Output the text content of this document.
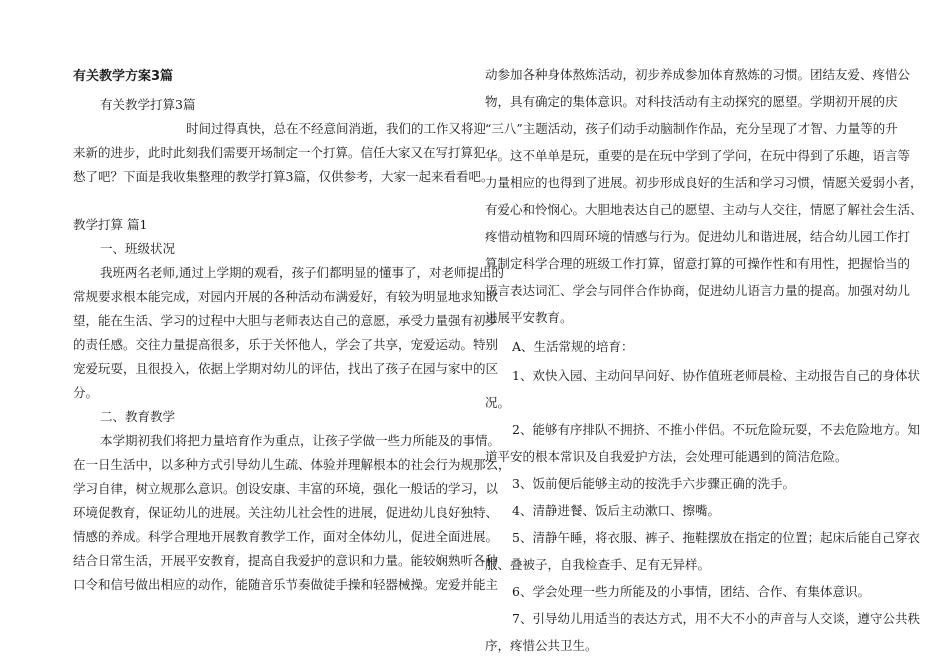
有关教学方案3篇
有关教学打算3篇
时间过得真快，总在不经意间消逝，我们的工作又将迎
来新的进步，此时此刻我们需要开场制定一个打算。信任大家又在写打算犯
愁了吧？下面是我收集整理的教学打算3篇，仅供参考，大家一起来看看吧。
教学打算 篇1
一、班级状况
我班两名老师,通过上学期的观看，孩子们都明显的懂事了，对老师提出的
常规要求根本能完成，对园内开展的各种活动布满爱好，有较为明显地求知欲
望，能在生活、学习的过程中大胆与老师表达自己的意愿，承受力量强有初步
的责任感。交往力量提高很多，乐于关怀他人，学会了共享，宠爱运动。特别
宠爱玩耍，且很投入，依据上学期对幼儿的评估，找出了孩子在园与家中的区
分。
二、教育教学
本学期初我们将把力量培育作为重点，让孩子学做一些力所能及的事情。
在一日生活中，以多种方式引导幼儿生疏、体验并理解根本的社会行为规那么，
学习自律，树立规那么意识。创设安康、丰富的环境，强化一般话的学习，以
环境促教育，保证幼儿的进展。关注幼儿社会性的进展，促进幼儿良好独特、
情感的养成。科学合理地开展教育教学工作，面对全体幼儿，促进全面进展。
结合日常生活，开展平安教育，提高自我爱护的意识和力量。能较娴熟听各种
口令和信号做出相应的动作，能随音乐节奏做徒手操和轻器械操。宠爱并能主
动参加各种身体熬炼活动，初步养成参加体育熬炼的习惯。团结友爱、疼惜公
物，具有确定的集体意识。对科技活动有主动探究的愿望。学期初开展的庆
“三八”主题活动，孩子们动手动脑制作作品，充分呈现了才智、力量等的升
华。这不单单是玩，重要的是在玩中学到了学问，在玩中得到了乐趣，语言等
力量相应的也得到了进展。初步形成良好的生活和学习习惯，情愿关爱弱小者，
有爱心和怜悯心。大胆地表达自己的愿望、主动与人交往，情愿了解社会生活、
疼惜动植物和四周环境的情感与行为。促进幼儿和谐进展，结合幼儿园工作打
算制定科学合理的班级工作打算，留意打算的可操作性和有用性，把握恰当的
语言表达词汇、学会与同伴合作协商，促进幼儿语言力量的提高。加强对幼儿
进展平安教育。
A、生活常规的培育：
1、欢快入园、主动问早问好、协作值班老师晨检、主动报告自己的身体状
况。
2、能够有序排队不拥挤、不推小伴侣。不玩危险玩耍，不去危险地方。知
道平安的根本常识及自我爱护方法，会处理可能遇到的简洁危险。
3、饭前便后能够主动的按洗手六步骤正确的洗手。
4、清静进餐、饭后主动漱口、擦嘴。
5、清静午睡，将衣服、裤子、拖鞋摆放在指定的位置；起床后能自己穿衣
服、叠被子，自我检查手、足有无异样。
6、学会处理一些力所能及的小事情，团结、合作、有集体意识。
7、引导幼儿用适当的表达方式，用不大不小的声音与人交谈，遵守公共秩
序，疼惜公共卫生。
